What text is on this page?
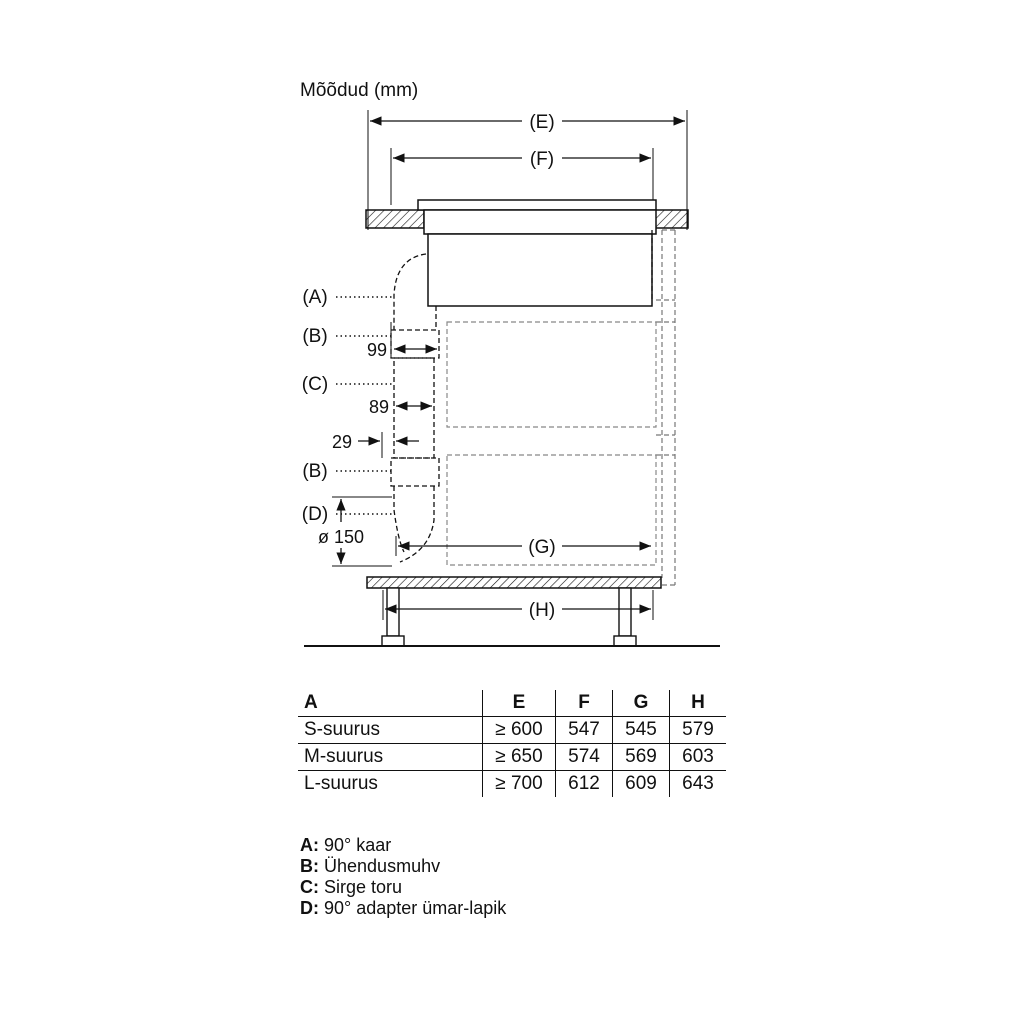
Mõõdud (mm)
(E)
(F)
(A)
(B)
(C)
(B)
(D)
99
89
29
ø 150	(G)
(H)
A	E	F	G	H
S-suurus	≥ 600	547	545	579
M-suurus	≥ 650	574	569	603
L-suurus	≥ 700	612	609	643
A: 90° kaar
B: Ühendusmuhv
C: Sirge toru
D: 90° adapter ümar-lapik
